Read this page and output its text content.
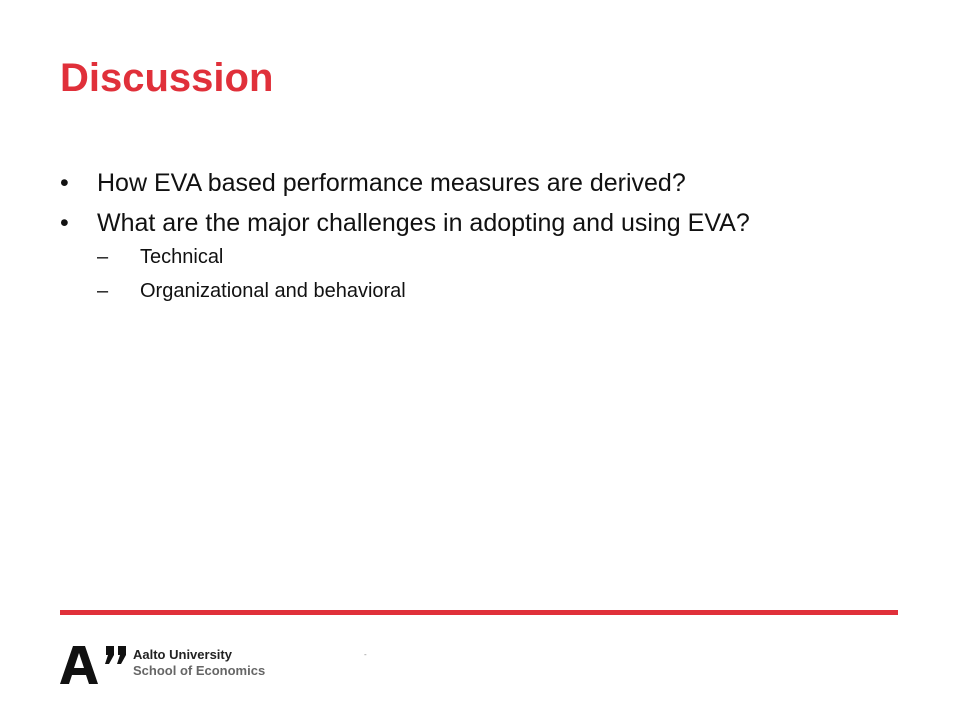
Discussion
• How EVA based performance measures are derived?
• What are the major challenges in adopting and using EVA?
– Technical
– Organizational and behavioral
-
Aalto University
School of Economics
